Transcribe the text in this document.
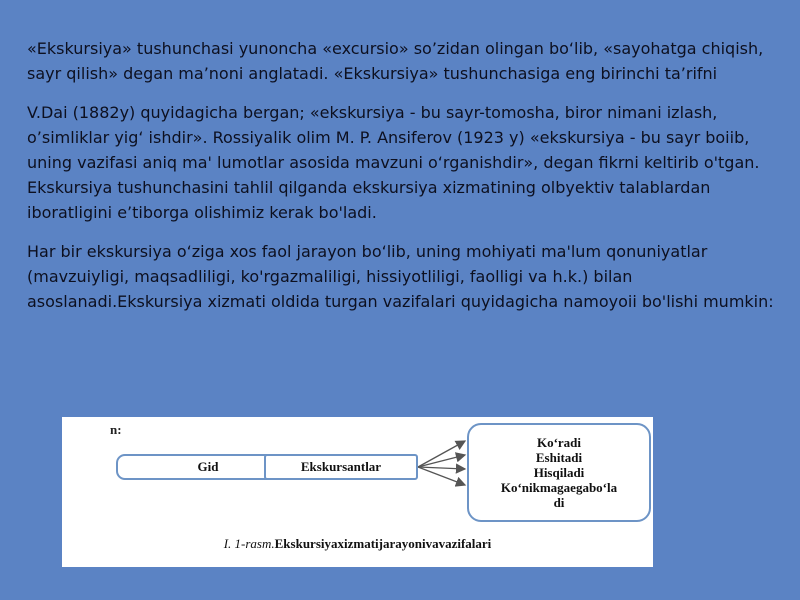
«Ekskursiya» tushunchasi yunoncha «excursio» so’zidan olingan bo‘lib, «sayohatga chiqish, sayr qilish» degan ma’noni anglatadi. «Ekskursiya» tushunchasiga eng birinchi ta’rifni

V.Dai (1882y) quyidagicha bergan; «ekskursiya - bu sayr-tomosha, biror nimani izlash, o’simliklar yig‘ ishdir». Rossiyalik olim M. P. Ansiferov (1923 y) «ekskursiya - bu sayr boiib, uning vazifasi aniq ma' lumotlar asosida mavzuni o‘rganishdir», degan fikrni keltirib o'tgan. Ekskursiya tushunchasini tahlil qilganda ekskursiya xizmatining olbyektiv talablardan iboratligini e’tiborga olishimiz kerak bo'ladi.

Har bir ekskursiya o‘ziga xos faol jarayon bo‘lib, uning mohiyati ma'lum qonuniyatlar (mavzuiyligi, maqsadliligi, ko'rgazmaliligi, hissiyotliligi, faolligi va h.k.) bilan asoslanadi.Ekskursiya xizmati oldida turgan vazifalari quyidagicha namoyoii bo'lishi mumkin:

n:
Gid	Ekskursantlar
Ko‘radi
Eshitadi
Hisqiladi
Ko‘nikmagaegabo‘la
di
I. 1-rasm.Ekskursiyaxizmatijarayonivavazifalari
